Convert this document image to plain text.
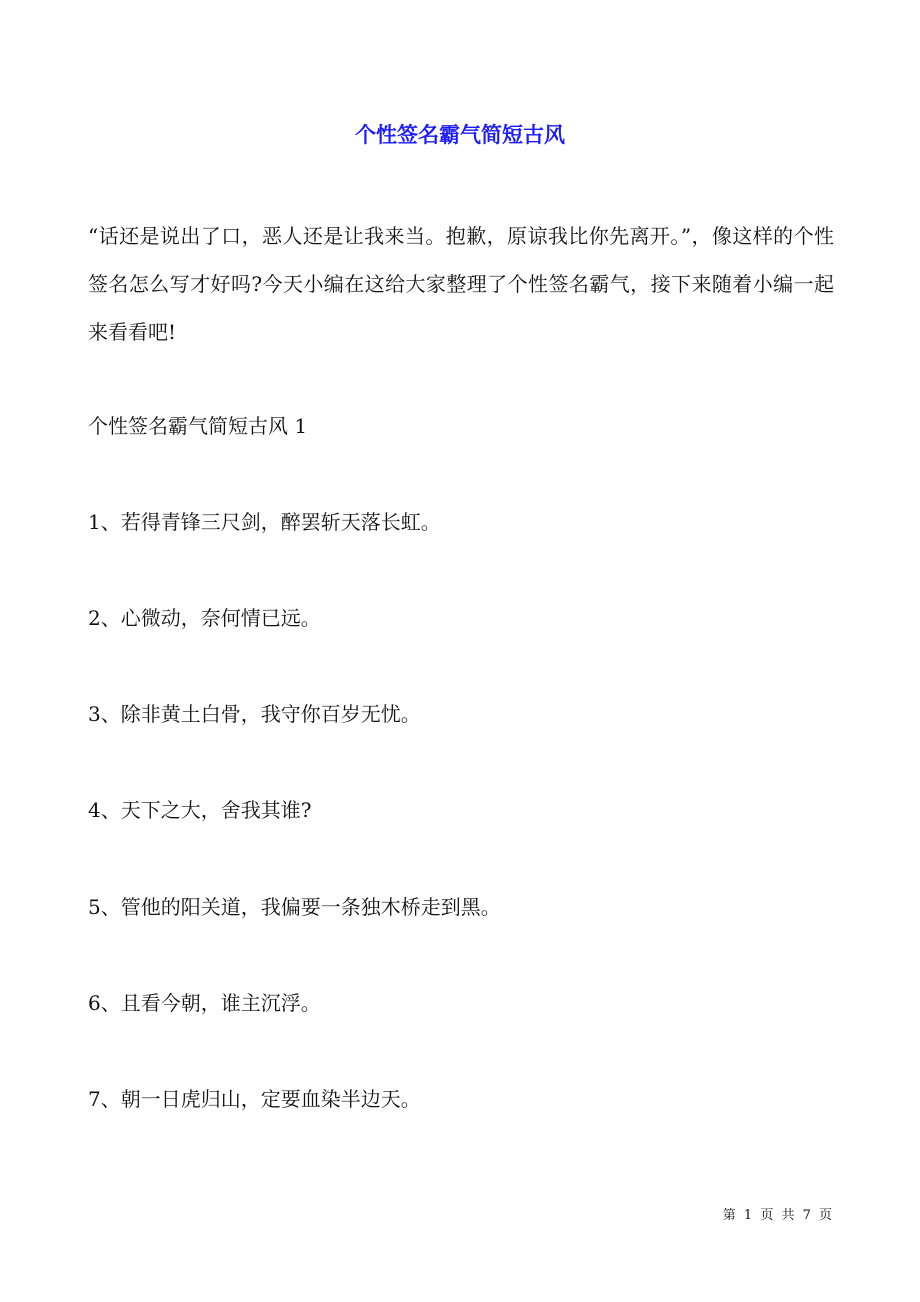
个性签名霸气简短古风

“话还是说出了口，恶人还是让我来当。抱歉，原谅我比你先离开。”，像这样的个性签名怎么写才好吗?今天小编在这给大家整理了个性签名霸气，接下来随着小编一起来看看吧!

个性签名霸气简短古风 1

1、若得青锋三尺剑，醉罢斩天落长虹。

2、心微动，奈何情已远。

3、除非黄土白骨，我守你百岁无忧。

4、天下之大，舍我其谁?

5、管他的阳关道，我偏要一条独木桥走到黑。

6、且看今朝，谁主沉浮。

7、朝一日虎归山，定要血染半边天。

第 1 页 共 7 页
